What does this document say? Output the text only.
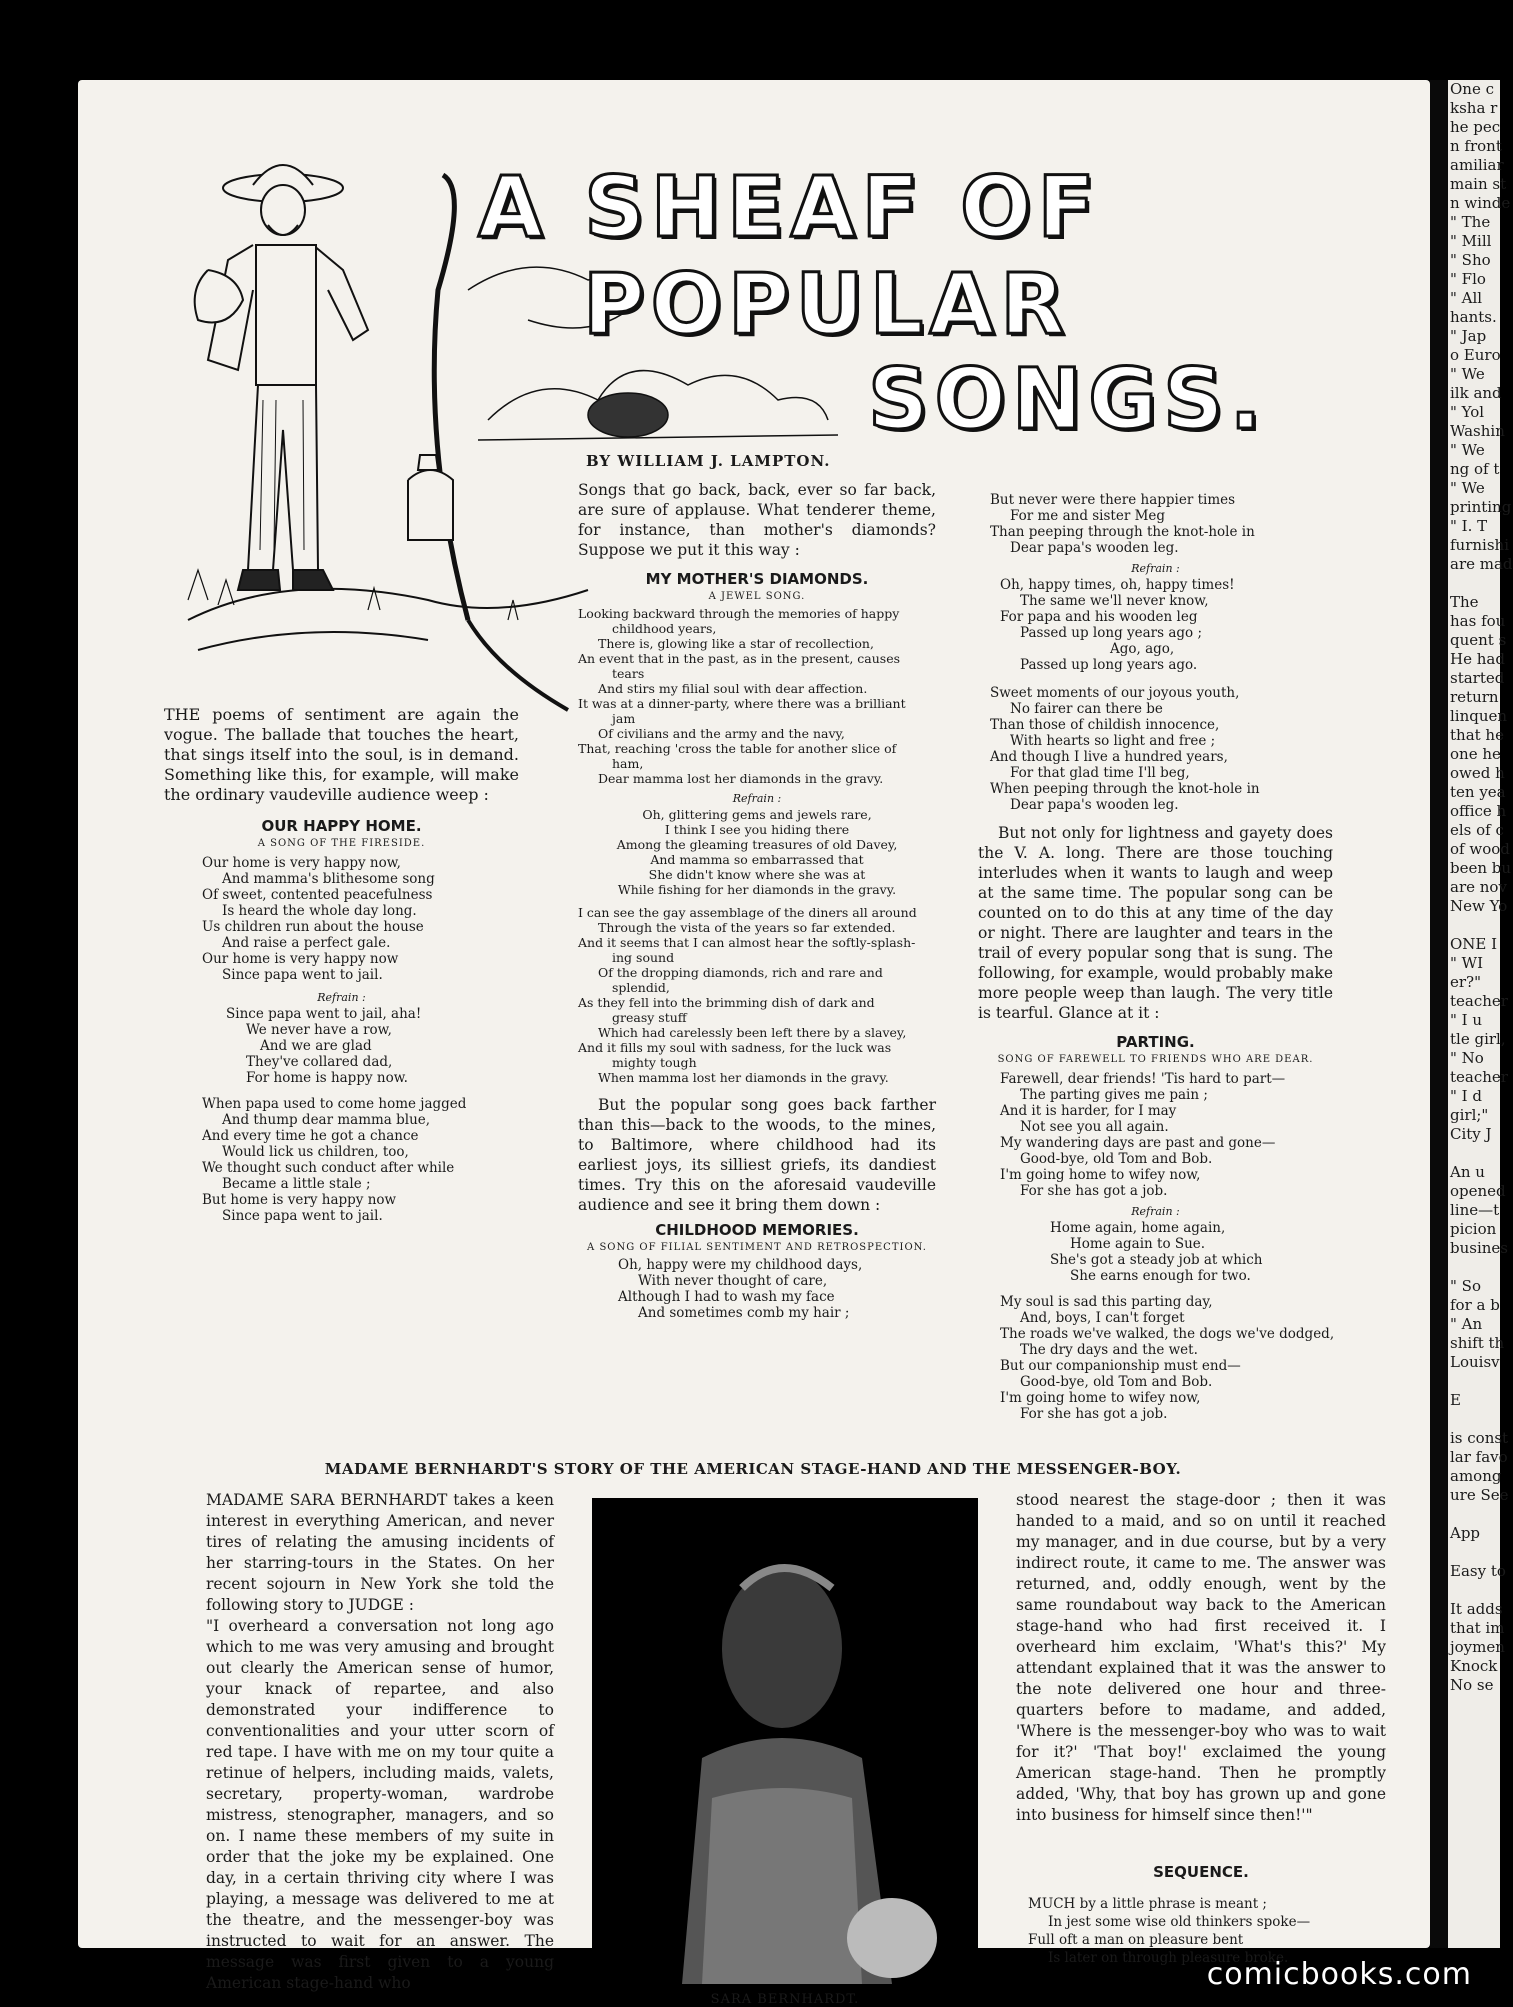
A SHEAF OF
POPULAR
SONGS.
BY WILLIAM J. LAMPTON.

THE poems of sentiment are again the vogue. The ballade that touches the heart, that sings itself into the soul, is in demand. Something like this, for example, will make the ordinary vaudeville audience weep :

OUR HAPPY HOME.
A SONG OF THE FIRESIDE.
Our home is very happy now,
And mamma's blithesome song
Of sweet, contented peacefulness
Is heard the whole day long.
Us children run about the house
And raise a perfect gale.
Our home is very happy now
Since papa went to jail.
Refrain :
Since papa went to jail, aha!
We never have a row,
And we are glad
They've collared dad,
For home is happy now.
When papa used to come home jagged
And thump dear mamma blue,
And every time he got a chance
Would lick us children, too,
We thought such conduct after while
Became a little stale ;
But home is very happy now
Since papa went to jail.

Songs that go back, back, ever so far back, are sure of applause. What tenderer theme, for instance, than mother's diamonds? Suppose we put it this way :

MY MOTHER'S DIAMONDS.
A JEWEL SONG.
Looking backward through the memories of happy
childhood years,
There is, glowing like a star of recollection,
An event that in the past, as in the present, causes
tears
And stirs my filial soul with dear affection.
It was at a dinner-party, where there was a brilliant
jam
Of civilians and the army and the navy,
That, reaching 'cross the table for another slice of
ham,
Dear mamma lost her diamonds in the gravy.
Refrain :
Oh, glittering gems and jewels rare,
I think I see you hiding there
Among the gleaming treasures of old Davey,
And mamma so embarrassed that
She didn't know where she was at
While fishing for her diamonds in the gravy.
I can see the gay assemblage of the diners all around
Through the vista of the years so far extended.
And it seems that I can almost hear the softly-splash-
ing sound
Of the dropping diamonds, rich and rare and
splendid,
As they fell into the brimming dish of dark and
greasy stuff
Which had carelessly been left there by a slavey,
And it fills my soul with sadness, for the luck was
mighty tough
When mamma lost her diamonds in the gravy.

But the popular song goes back farther than this—back to the woods, to the mines, to Baltimore, where childhood had its earliest joys, its silliest griefs, its dandiest times. Try this on the aforesaid vaudeville audience and see it bring them down :

CHILDHOOD MEMORIES.
A SONG OF FILIAL SENTIMENT AND RETROSPECTION.
Oh, happy were my childhood days,
With never thought of care,
Although I had to wash my face
And sometimes comb my hair ;
But never were there happier times
For me and sister Meg
Than peeping through the knot-hole in
Dear papa's wooden leg.
Refrain :
Oh, happy times, oh, happy times!
The same we'll never know,
For papa and his wooden leg
Passed up long years ago ;
Ago, ago,
Passed up long years ago.
Sweet moments of our joyous youth,
No fairer can there be
Than those of childish innocence,
With hearts so light and free ;
And though I live a hundred years,
For that glad time I'll beg,
When peeping through the knot-hole in
Dear papa's wooden leg.

But not only for lightness and gayety does the V. A. long. There are those touching interludes when it wants to laugh and weep at the same time. The popular song can be counted on to do this at any time of the day or night. There are laughter and tears in the trail of every popular song that is sung. The following, for example, would probably make more people weep than laugh. The very title is tearful. Glance at it :

PARTING.
SONG OF FAREWELL TO FRIENDS WHO ARE DEAR.
Farewell, dear friends! 'Tis hard to part—
The parting gives me pain ;
And it is harder, for I may
Not see you all again.
My wandering days are past and gone—
Good-bye, old Tom and Bob.
I'm going home to wifey now,
For she has got a job.
Refrain :
Home again, home again,
Home again to Sue.
She's got a steady job at which
She earns enough for two.
My soul is sad this parting day,
And, boys, I can't forget
The roads we've walked, the dogs we've dodged,
The dry days and the wet.
But our companionship must end—
Good-bye, old Tom and Bob.
I'm going home to wifey now,
For she has got a job.
MADAME BERNHARDT'S STORY OF THE AMERICAN STAGE-HAND AND THE MESSENGER-BOY.
MADAME SARA BERNHARDT takes a keen interest in everything American, and never tires of relating the amusing incidents of her starring-tours in the States. On her recent sojourn in New York she told the following story to JUDGE :
"I overheard a conversation not long ago which to me was very amusing and brought out clearly the American sense of humor, your knack of repartee, and also demonstrated your indifference to conventionalities and your utter scorn of red tape. I have with me on my tour quite a retinue of helpers, including maids, valets, secretary, property-woman, wardrobe mistress, stenographer, managers, and so on. I name these members of my suite in order that the joke my be explained. One day, in a certain thriving city where I was playing, a message was delivered to me at the theatre, and the messenger-boy was instructed to wait for an answer. The message was first given to a young American stage-hand who
SARA BERNHARDT.
stood nearest the stage-door ; then it was handed to a maid, and so on until it reached my manager, and in due course, but by a very indirect route, it came to me. The answer was returned, and, oddly enough, went by the same roundabout way back to the American stage-hand who had first received it. I overheard him exclaim, 'What's this?' My attendant explained that it was the answer to the note delivered one hour and three-quarters before to madame, and added, 'Where is the messenger-boy who was to wait for it?' 'That boy!' exclaimed the young American stage-hand. Then he promptly added, 'Why, that boy has grown up and gone into business for himself since then!'"
SEQUENCE.
MUCH by a little phrase is meant ;
In jest some wise old thinkers spoke—
Full oft a man on pleasure bent
Is later on through pleasure broke.
One c
ksha r
he pec
n front
amiliar
main st
n winde
" The
" Mill
" Sho
" Flo
" All
hants.
" Jap
o Euro
" We
ilk and
" Yol
Washin
" We
ng of t
" We
printing
" I. T
furnishi
are mad

The
has fou
quent s
He had
started
return
linquen
that he
one he
owed h
ten yea
office h
els of c
of wood
been bu
are nov
New Yo

ONE I
" WI
er?"
teacher
" I u
tle girl,
" No
teacher
" I d
girl;"
City J

An u
opened
line—t
picion
busines

" So
for a b
" An
shift th
Louisv

E

is const
lar favo
among
ure See

App

Easy to

It adds
that im
joymen
Knock
No se
comicbooks.com
